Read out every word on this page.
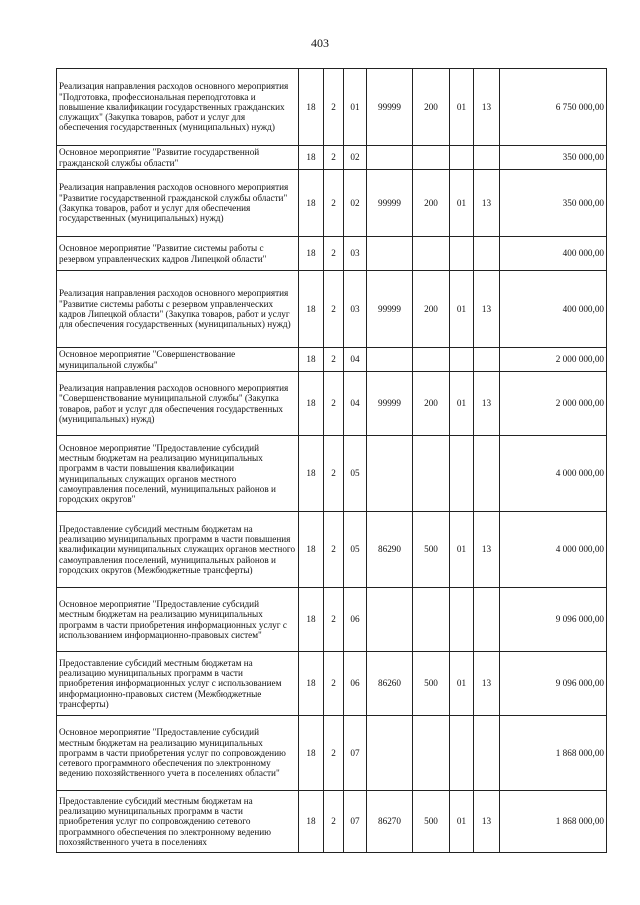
403
Реализация направления расходов основного мероприятия "Подготовка, профессиональная переподготовка и повышение квалификации государственных гражданских служащих" (Закупка товаров, работ и услуг для обеспечения государственных (муниципальных) нужд)	18	2	01	99999	200	01	13	6 750 000,00
Основное мероприятие "Развитие государственной гражданской службы области"	18	2	02					350 000,00
Реализация направления расходов основного мероприятия "Развитие государственной гражданской службы области" (Закупка товаров, работ и услуг для обеспечения государственных (муниципальных) нужд)	18	2	02	99999	200	01	13	350 000,00
Основное мероприятие "Развитие системы работы с резервом управленческих кадров Липецкой области"	18	2	03					400 000,00
Реализация направления расходов основного мероприятия "Развитие системы работы с резервом управленческих кадров Липецкой области" (Закупка товаров, работ и услуг для обеспечения государственных (муниципальных) нужд)	18	2	03	99999	200	01	13	400 000,00
Основное мероприятие "Совершенствование муниципальной службы"	18	2	04					2 000 000,00
Реализация направления расходов основного мероприятия "Совершенствование муниципальной службы" (Закупка товаров, работ и услуг для обеспечения государственных (муниципальных) нужд)	18	2	04	99999	200	01	13	2 000 000,00
Основное мероприятие "Предоставление субсидий местным бюджетам на реализацию муниципальных программ в части повышения квалификации муниципальных служащих органов местного самоуправления поселений, муниципальных районов и городских округов"	18	2	05					4 000 000,00
Предоставление субсидий местным бюджетам на реализацию муниципальных программ в части повышения квалификации муниципальных служащих органов местного самоуправления поселений, муниципальных районов и городских округов (Межбюджетные трансферты)	18	2	05	86290	500	01	13	4 000 000,00
Основное мероприятие "Предоставление субсидий местным бюджетам на реализацию муниципальных программ в части приобретения информационных услуг с использованием информационно-правовых систем"	18	2	06					9 096 000,00
Предоставление субсидий местным бюджетам на реализацию муниципальных программ в части приобретения информационных услуг с использованием информационно-правовых систем (Межбюджетные трансферты)	18	2	06	86260	500	01	13	9 096 000,00
Основное мероприятие "Предоставление субсидий местным бюджетам на реализацию муниципальных программ в части приобретения услуг по сопровождению сетевого программного обеспечения по электронному ведению похозяйственного учета в поселениях области"	18	2	07					1 868 000,00
Предоставление субсидий местным бюджетам на реализацию муниципальных программ в части приобретения услуг по сопровождению сетевого программного обеспечения по электронному ведению похозяйственного учета в поселениях	18	2	07	86270	500	01	13	1 868 000,00
